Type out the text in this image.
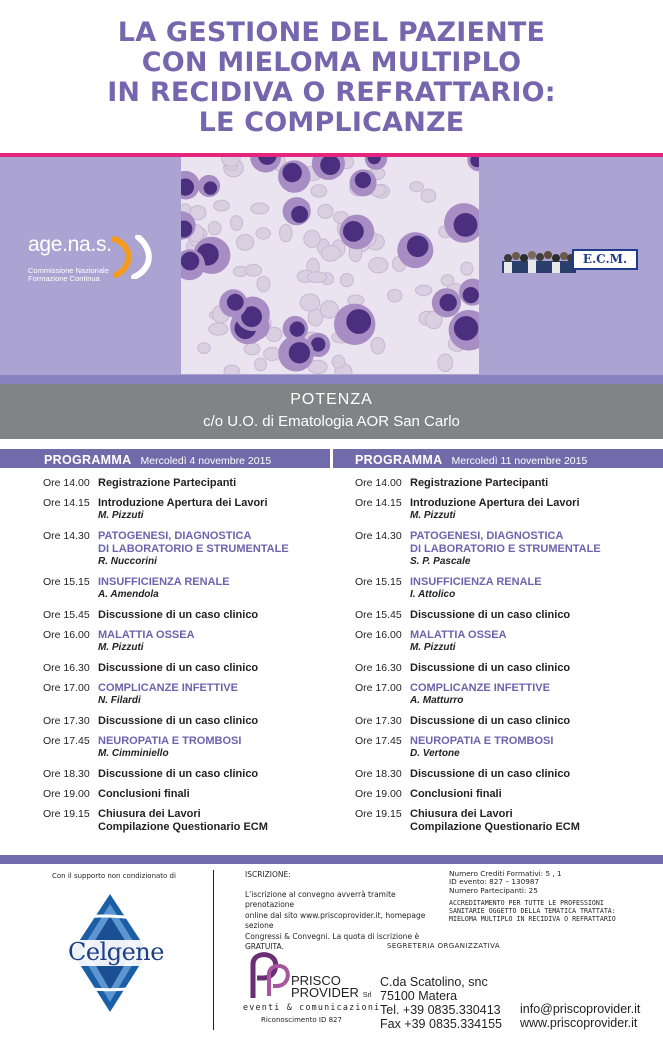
LA GESTIONE DEL PAZIENTE
CON MIELOMA MULTIPLO
IN RECIDIVA O REFRATTARIO:
LE COMPLICANZE
age.na.s.
Commissione Nazionale
Formazione Continua
E.C.M.
POTENZA
c/o U.O. di Ematologia AOR San Carlo
PROGRAMMA Mercoledì 4 novembre 2015	PROGRAMMA Mercoledì 11 novembre 2015
Ore 14.00 Registrazione Partecipanti
Ore 14.15 Introduzione Apertura dei Lavori
M. Pizzuti
Ore 14.30 PATOGENESI, DIAGNOSTICA
DI LABORATORIO E STRUMENTALE
R. Nuccorini
Ore 15.15 INSUFFICIENZA RENALE
A. Amendola
Ore 15.45 Discussione di un caso clinico
Ore 16.00 MALATTIA OSSEA
M. Pizzuti
Ore 16.30 Discussione di un caso clinico
Ore 17.00 COMPLICANZE INFETTIVE
N. Filardi
Ore 17.30 Discussione di un caso clinico
Ore 17.45 NEUROPATIA E TROMBOSI
M. Cimminiello
Ore 18.30 Discussione di un caso clinico
Ore 19.00 Conclusioni finali
Ore 19.15 Chiusura dei Lavori
Compilazione Questionario ECM
Ore 14.00 Registrazione Partecipanti
Ore 14.15 Introduzione Apertura dei Lavori
M. Pizzuti
Ore 14.30 PATOGENESI, DIAGNOSTICA
DI LABORATORIO E STRUMENTALE
S. P. Pascale
Ore 15.15 INSUFFICIENZA RENALE
I. Attolico
Ore 15.45 Discussione di un caso clinico
Ore 16.00 MALATTIA OSSEA
M. Pizzuti
Ore 16.30 Discussione di un caso clinico
Ore 17.00 COMPLICANZE INFETTIVE
A. Matturro
Ore 17.30 Discussione di un caso clinico
Ore 17.45 NEUROPATIA E TROMBOSI
D. Vertone
Ore 18.30 Discussione di un caso clinico
Ore 19.00 Conclusioni finali
Ore 19.15 Chiusura dei Lavori
Compilazione Questionario ECM
Con il supporto non condizionato di
Celgene
ISCRIZIONE:
L'iscrizione al convegno avverrà tramite prenotazione
online dal sito www.priscoprovider.it, homepage sezione
Congressi & Convegni. La quota di iscrizione è GRATUITA.
Numero Crediti Formativi: 5 , 1
ID evento: 827 – 130987
Numero Partecipanti: 25
ACCREDITAMENTO PER TUTTE LE PROFESSIONI
SANITARIE OGGETTO DELLA TEMATICA TRATTATA:
MIELOMA MULTIPLO IN RECIDIVA O REFRATTARIO
SEGRETERIA ORGANIZZATIVA
PRISCO
PROVIDER Srl
eventi & comunicazioni
Riconoscimento ID 827
C.da Scatolino, snc
75100 Matera
Tel. +39 0835.330413
Fax +39 0835.334155
info@priscoprovider.it
www.priscoprovider.it
